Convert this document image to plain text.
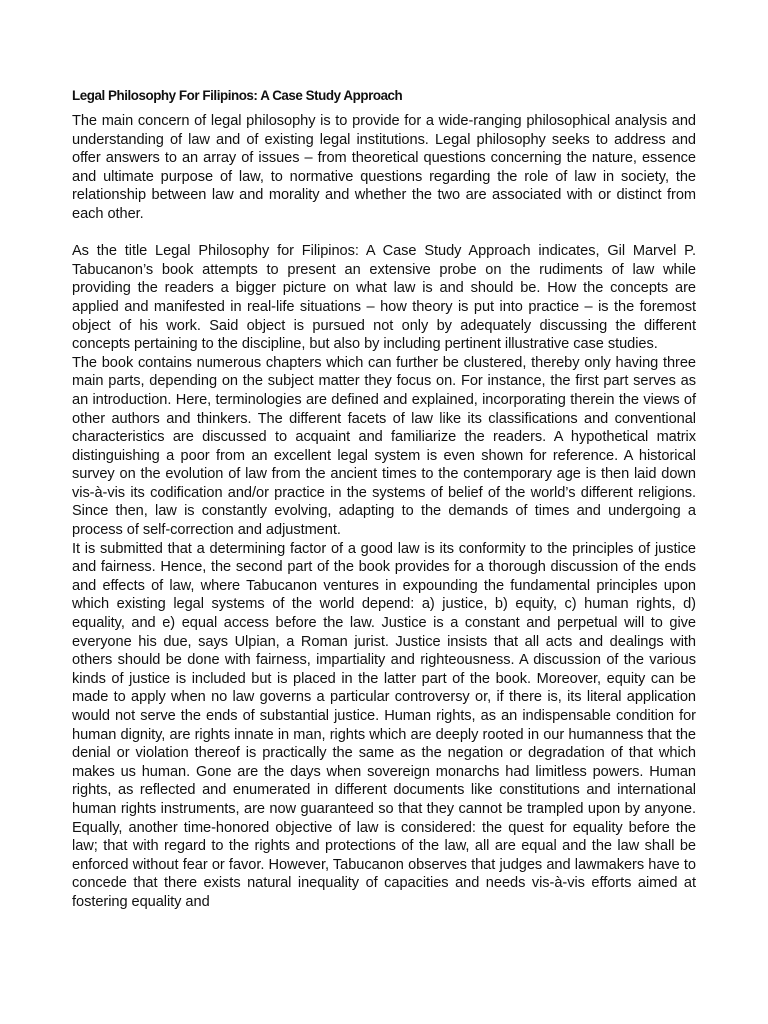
Legal Philosophy For Filipinos: A Case Study Approach

The main concern of legal philosophy is to provide for a wide-ranging philosophical analysis and understanding of law and of existing legal institutions. Legal philosophy seeks to address and offer answers to an array of issues – from theoretical questions concerning the nature, essence and ultimate purpose of law, to normative questions regarding the role of law in society, the relationship between law and morality and whether the two are associated with or distinct from each other.

As the title Legal Philosophy for Filipinos: A Case Study Approach indicates, Gil Marvel P. Tabucanon’s book attempts to present an extensive probe on the rudiments of law while providing the readers a bigger picture on what law is and should be. How the concepts are applied and manifested in real-life situations – how theory is put into practice – is the foremost object of his work. Said object is pursued not only by adequately discussing the different concepts pertaining to the discipline, but also by including pertinent illustrative case studies.

The book contains numerous chapters which can further be clustered, thereby only having three main parts, depending on the subject matter they focus on. For instance, the first part serves as an introduction. Here, terminologies are defined and explained, incorporating therein the views of other authors and thinkers. The different facets of law like its classifications and conventional characteristics are discussed to acquaint and familiarize the readers. A hypothetical matrix distinguishing a poor from an excellent legal system is even shown for reference. A historical survey on the evolution of law from the ancient times to the contemporary age is then laid down vis-à-vis its codification and/or practice in the systems of belief of the world’s different religions. Since then, law is constantly evolving, adapting to the demands of times and undergoing a process of self-correction and adjustment.

It is submitted that a determining factor of a good law is its conformity to the principles of justice and fairness. Hence, the second part of the book provides for a thorough discussion of the ends and effects of law, where Tabucanon ventures in expounding the fundamental principles upon which existing legal systems of the world depend: a) justice, b) equity, c) human rights, d) equality, and e) equal access before the law. Justice is a constant and perpetual will to give everyone his due, says Ulpian, a Roman jurist. Justice insists that all acts and dealings with others should be done with fairness, impartiality and righteousness. A discussion of the various kinds of justice is included but is placed in the latter part of the book. Moreover, equity can be made to apply when no law governs a particular controversy or, if there is, its literal application would not serve the ends of substantial justice. Human rights, as an indispensable condition for human dignity, are rights innate in man, rights which are deeply rooted in our humanness that the denial or violation thereof is practically the same as the negation or degradation of that which makes us human. Gone are the days when sovereign monarchs had limitless powers. Human rights, as reflected and enumerated in different documents like constitutions and international human rights instruments, are now guaranteed so that they cannot be trampled upon by anyone. Equally, another time-honored objective of law is considered: the quest for equality before the law; that with regard to the rights and protections of the law, all are equal and the law shall be enforced without fear or favor. However, Tabucanon observes that judges and lawmakers have to concede that there exists natural inequality of capacities and needs vis-à-vis efforts aimed at fostering equality and
